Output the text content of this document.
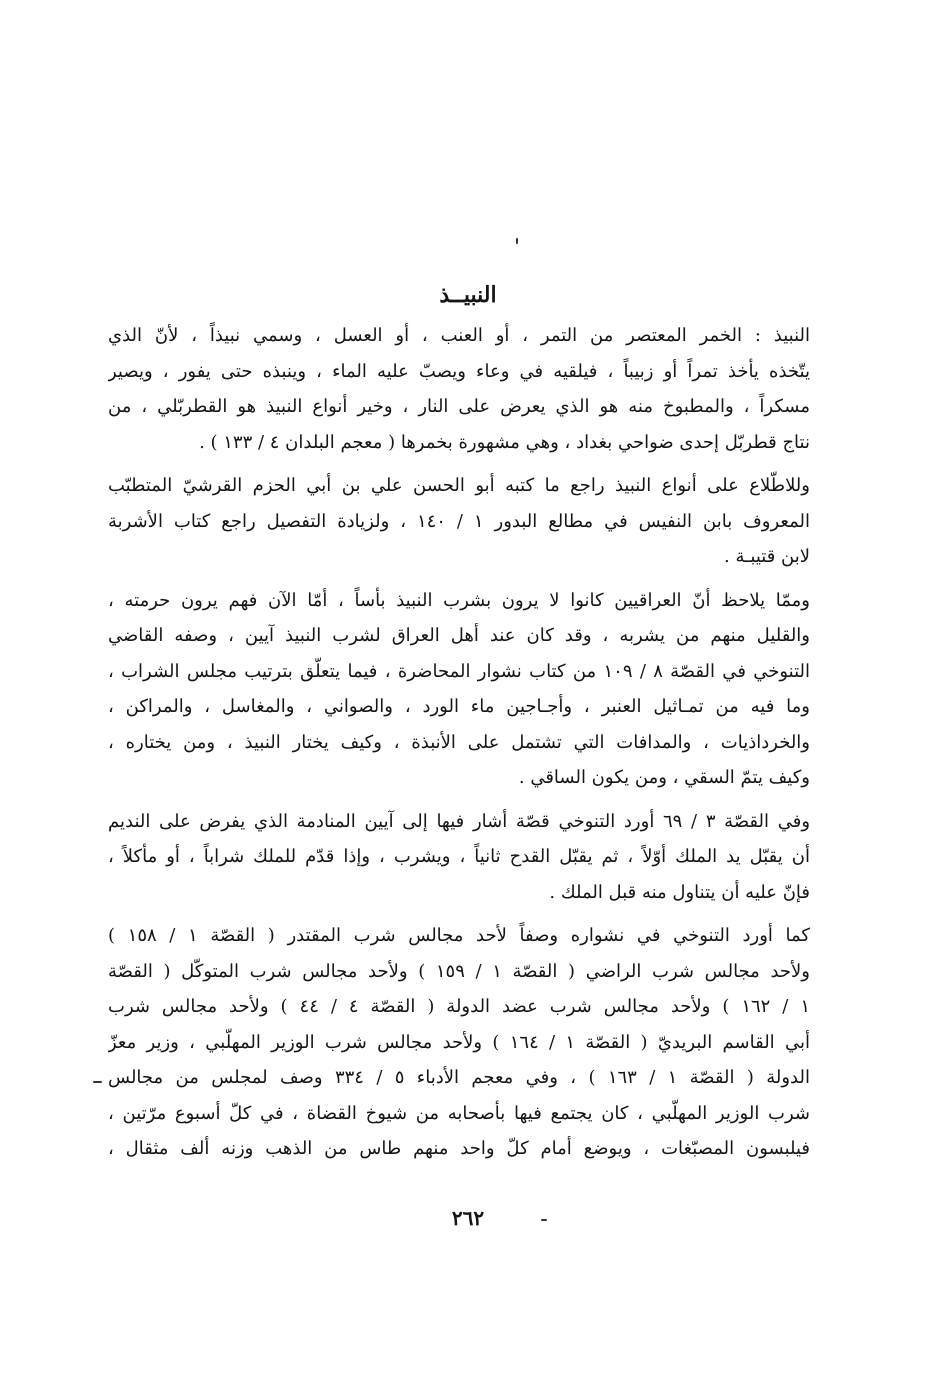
النبيــذ
النبيذ : الخمر المعتصر من التمر ، أو العنب ، أو العسل ، وسمي نبيذاً ، لأنّ الذي
يتّخذه يأخذ تمراً أو زبيباً ، فيلقيه في وعاء ويصبّ عليه الماء ، وينبذه حتى يفور ، ويصير
مسكراً ، والمطبوخ منه هو الذي يعرض على النار ، وخير أنواع النبيذ هو القطربّلي ، من
نتاج قطربّل إحدى ضواحي بغداد ، وهي مشهورة بخمرها ( معجم البلدان ٤ / ١٣٣ ) .
وللاطّلاع على أنواع النبيذ راجع ما كتبه أبو الحسن علي بن أبي الحزم القرشيّ المتطبّب
المعروف بابن النفيس في مطالع البدور ١ / ١٤٠ ، ولزيادة التفصيل راجع كتاب الأشربة
لابن قتيبـة .
وممّا يلاحظ أنّ العراقيين كانوا لا يرون بشرب النبيذ بأساً ، أمّا الآن فهم يرون حرمته ،
والقليل منهم من يشربه ، وقد كان عند أهل العراق لشرب النبيذ آيين ، وصفه القاضي
التنوخي في القصّة ٨ / ١٠٩ من كتاب نشوار المحاضرة ، فيما يتعلّق بترتيب مجلس الشراب ،
وما فيه من تمـاثيل العنبر ، وأجـاجين ماء الورد ، والصواني ، والمغاسل ، والمراكن ،
والخرداذيات ، والمدافات التي تشتمل على الأنبذة ، وكيف يختار النبيذ ، ومن يختاره ،
وكيف يتمّ السقي ، ومن يكون الساقي .
وفي القصّة ٣ / ٦٩ أورد التنوخي قصّة أشار فيها إلى آيين المنادمة الذي يفرض على النديم
أن يقبّل يد الملك أوّلاً ، ثم يقبّل القدح ثانياً ، ويشرب ، وإذا قدّم للملك شراباً ، أو مأكلاً ،
فإنّ عليه أن يتناول منه قبل الملك .
كما أورد التنوخي في نشواره وصفاً لأحد مجالس شرب المقتدر ( القصّة ١ / ١٥٨ )
ولأحد مجالس شرب الراضي ( القصّة ١ / ١٥٩ ) ولأحد مجالس شرب المتوكّل ( القصّة
١ / ١٦٢ ) ولأحد مجالس شرب عضد الدولة ( القصّة ٤ / ٤٤ ) ولأحد مجالس شرب
أبي القاسم البريديّ ( القصّة ١ / ١٦٤ ) ولأحد مجالس شرب الوزير المهلّبي ، وزير معزّ
الدولة ( القصّة ١ / ١٦٣ ) ، وفي معجم الأدباء ٥ / ٣٣٤ وصف لمجلس من مجالس
شرب الوزير المهلّبي ، كان يجتمع فيها بأصحابه من شيوخ القضاة ، في كلّ أسبوع مرّتين ،
فيلبسون المصبّغات ، ويوضع أمام كلّ واحد منهم طاس من الذهب وزنه ألف مثقال ،
٢٦٢
